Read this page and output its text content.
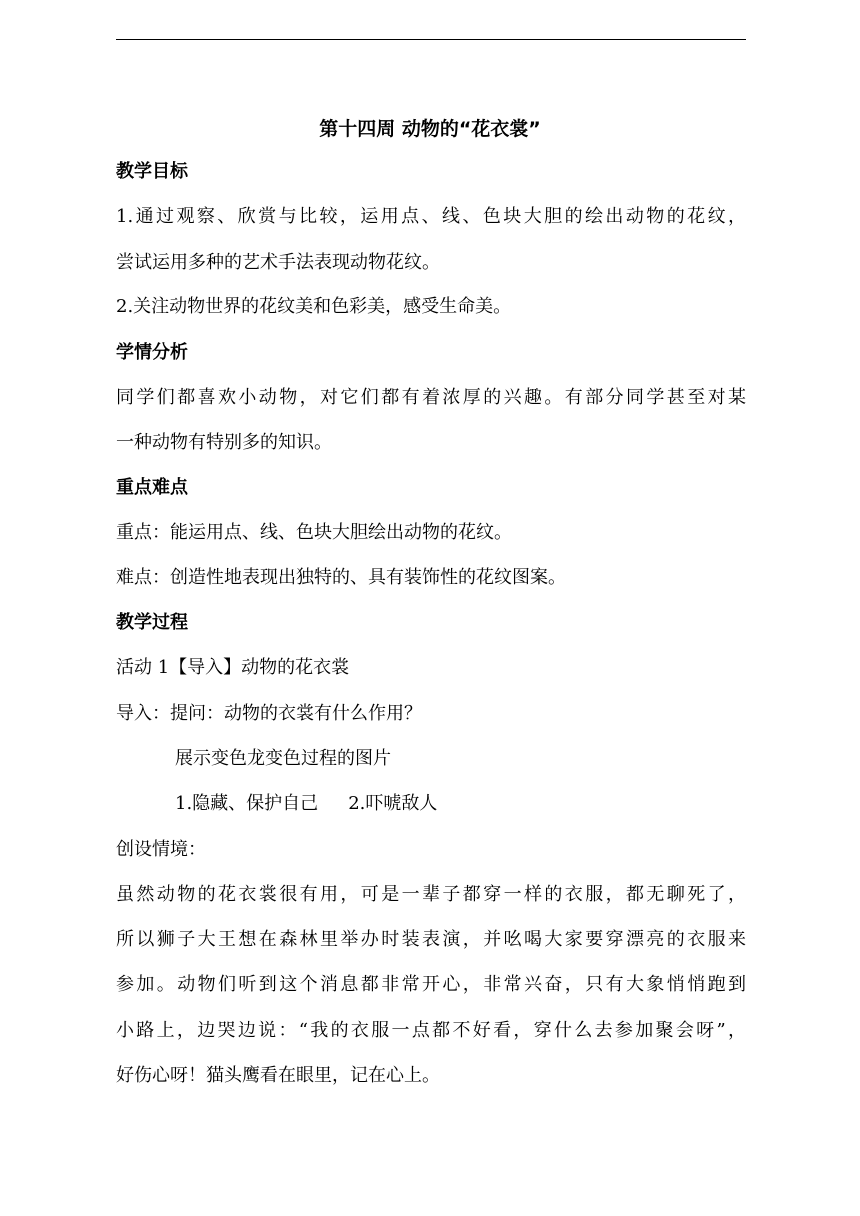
第十四周 动物的“花衣裳”
教学目标
1.通过观察、欣赏与比较，运用点、线、色块大胆的绘出动物的花纹，
尝试运用多种的艺术手法表现动物花纹。
2.关注动物世界的花纹美和色彩美，感受生命美。
学情分析
同学们都喜欢小动物，对它们都有着浓厚的兴趣。有部分同学甚至对某
一种动物有特别多的知识。
重点难点
重点：能运用点、线、色块大胆绘出动物的花纹。
难点：创造性地表现出独特的、具有装饰性的花纹图案。
教学过程
活动 1【导入】动物的花衣裳
导入：提问：动物的衣裳有什么作用？
展示变色龙变色过程的图片
1.隐藏、保护自己 2.吓唬敌人
创设情境：
虽然动物的花衣裳很有用，可是一辈子都穿一样的衣服，都无聊死了，
所以狮子大王想在森林里举办时装表演，并吆喝大家要穿漂亮的衣服来
参加。动物们听到这个消息都非常开心，非常兴奋，只有大象悄悄跑到
小路上，边哭边说：“我的衣服一点都不好看，穿什么去参加聚会呀”，
好伤心呀！猫头鹰看在眼里，记在心上。
